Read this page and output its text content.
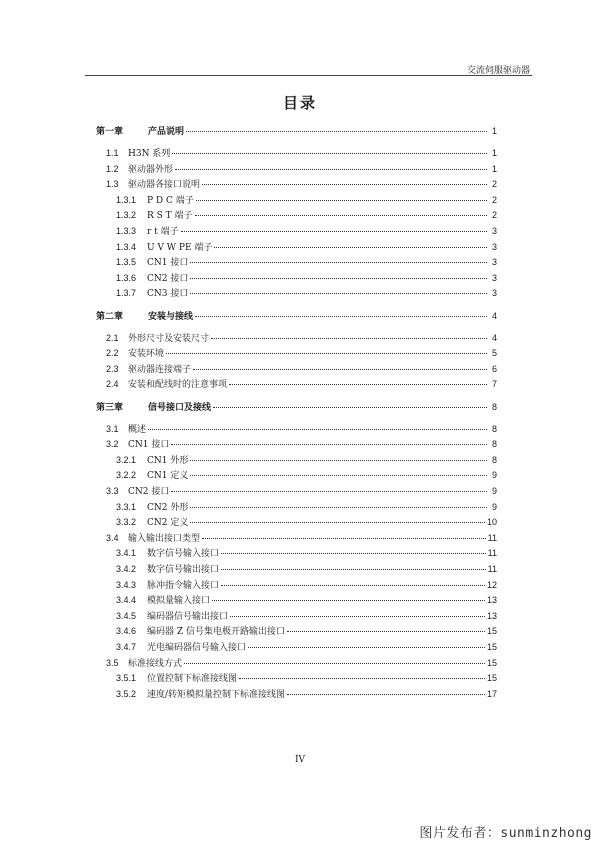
交流伺服驱动器
目录
第一章	产品说明	1
1.1	H3N 系列	1
1.2	驱动器外形	1
1.3	驱动器各接口说明	2
1.3.1	P D C 端子	2
1.3.2	R S T 端子	2
1.3.3	r t 端子	3
1.3.4	U V W PE 端子	3
1.3.5	CN1 接口	3
1.3.6	CN2 接口	3
1.3.7	CN3 接口	3
第二章	安装与接线	4
2.1	外形尺寸及安装尺寸	4
2.2	安装环境	5
2.3	驱动器连接端子	6
2.4	安装和配线时的注意事项	7
第三章	信号接口及接线	8
3.1	概述	8
3.2	CN1 接口	8
3.2.1	CN1 外形	8
3.2.2	CN1 定义	9
3.3	CN2 接口	9
3.3.1	CN2 外形	9
3.3.2	CN2 定义	10
3.4	输入输出接口类型	11
3.4.1	数字信号输入接口	11
3.4.2	数字信号输出接口	11
3.4.3	脉冲指令输入接口	12
3.4.4	模拟量输入接口	13
3.4.5	编码器信号输出接口	13
3.4.6	编码器 Z 信号集电极开路输出接口	15
3.4.7	光电编码器信号输入接口	15
3.5	标准接线方式	15
3.5.1	位置控制下标准接线图	15
3.5.2	速度/转矩模拟量控制下标准接线图	17
IV
图片发布者：sunminzhong
